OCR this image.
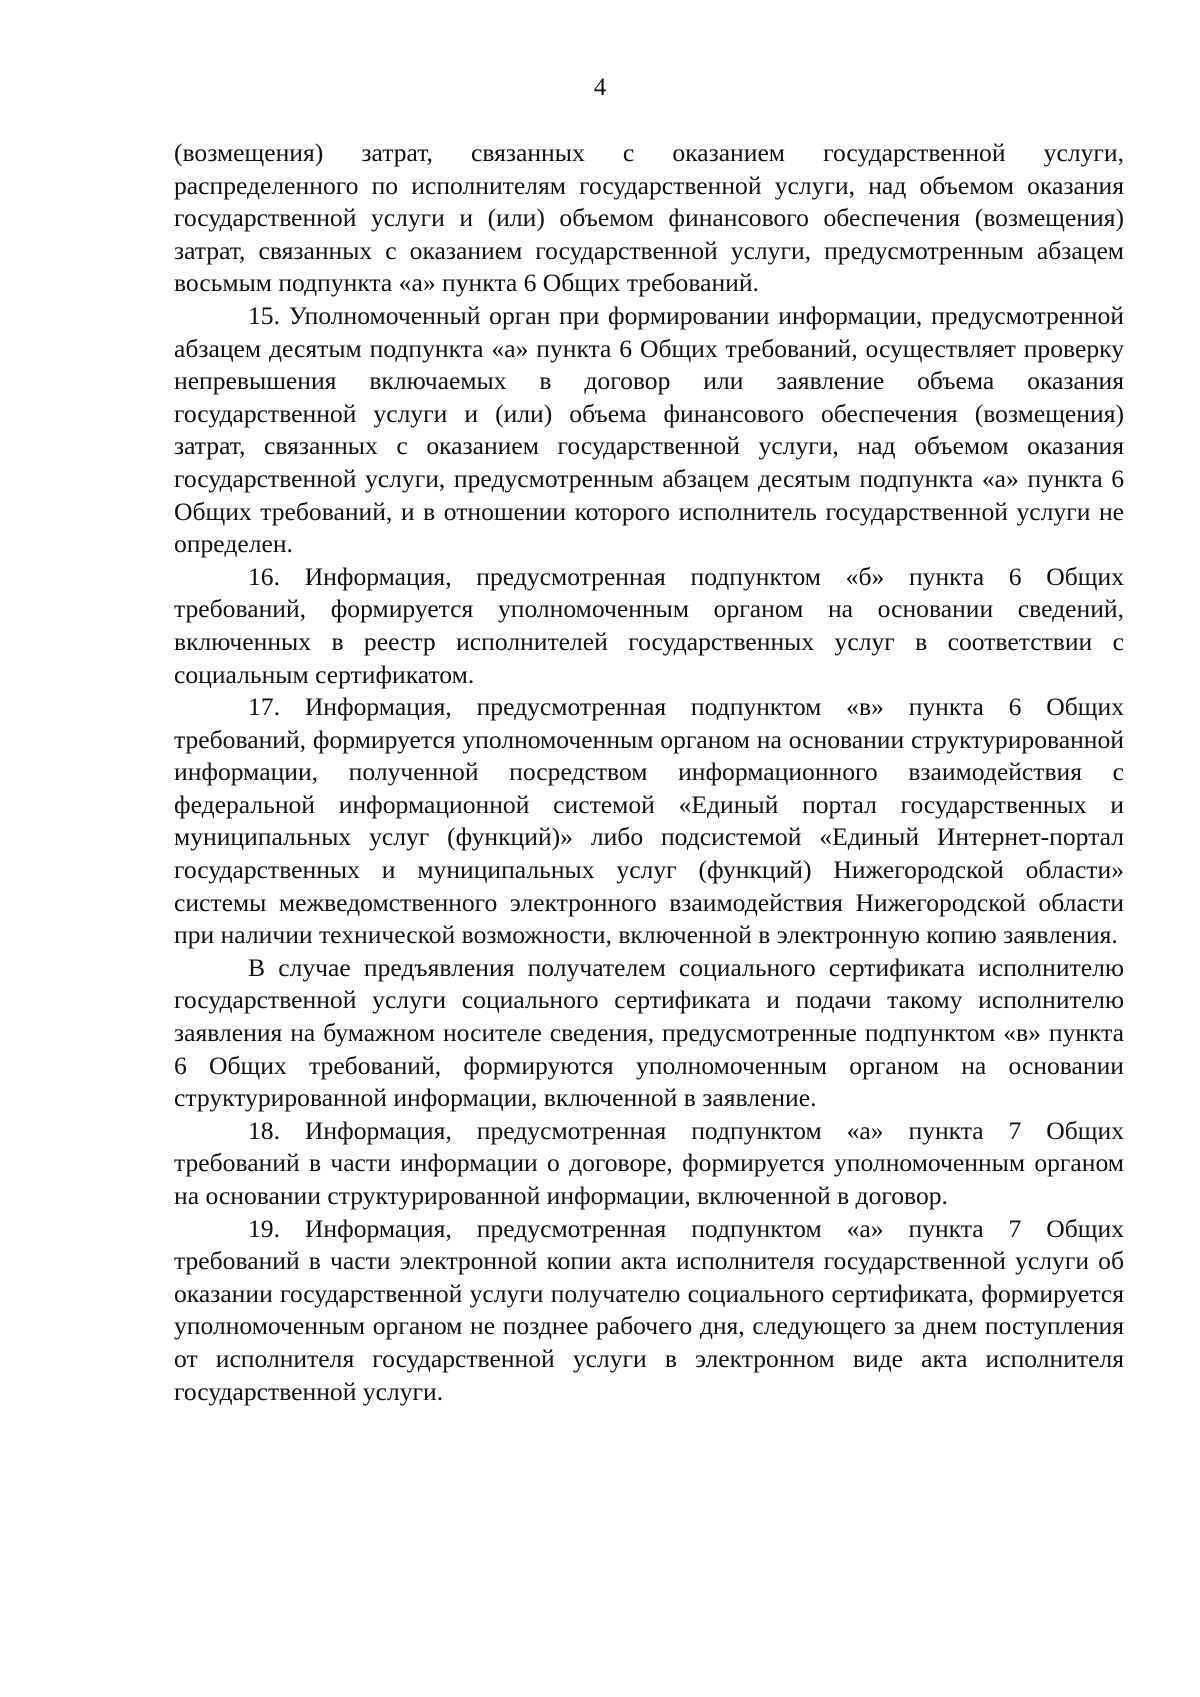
4

(возмещения) затрат, связанных с оказанием государственной услуги, распределенного по исполнителям государственной услуги, над объемом оказания государственной услуги и (или) объемом финансового обеспечения (возмещения) затрат, связанных с оказанием государственной услуги, предусмотренным абзацем восьмым подпункта «а» пункта 6 Общих требований.

15. Уполномоченный орган при формировании информации, предусмотренной абзацем десятым подпункта «а» пункта 6 Общих требований, осуществляет проверку непревышения включаемых в договор или заявление объема оказания государственной услуги и (или) объема финансового обеспечения (возмещения) затрат, связанных с оказанием государственной услуги, над объемом оказания государственной услуги, предусмотренным абзацем десятым подпункта «а» пункта 6 Общих требований, и в отношении которого исполнитель государственной услуги не определен.

16. Информация, предусмотренная подпунктом «б» пункта 6 Общих требований, формируется уполномоченным органом на основании сведений, включенных в реестр исполнителей государственных услуг в соответствии с социальным сертификатом.

17. Информация, предусмотренная подпунктом «в» пункта 6 Общих требований, формируется уполномоченным органом на основании структурированной информации, полученной посредством информационного взаимодействия с федеральной информационной системой «Единый портал государственных и муниципальных услуг (функций)» либо подсистемой «Единый Интернет-портал государственных и муниципальных услуг (функций) Нижегородской области» системы межведомственного электронного взаимодействия Нижегородской области при наличии технической возможности, включенной в электронную копию заявления.

В случае предъявления получателем социального сертификата исполнителю государственной услуги социального сертификата и подачи такому исполнителю заявления на бумажном носителе сведения, предусмотренные подпунктом «в» пункта 6 Общих требований, формируются уполномоченным органом на основании структурированной информации, включенной в заявление.

18. Информация, предусмотренная подпунктом «а» пункта 7 Общих требований в части информации о договоре, формируется уполномоченным органом на основании структурированной информации, включенной в договор.

19. Информация, предусмотренная подпунктом «а» пункта 7 Общих требований в части электронной копии акта исполнителя государственной услуги об оказании государственной услуги получателю социального сертификата, формируется уполномоченным органом не позднее рабочего дня, следующего за днем поступления от исполнителя государственной услуги в электронном виде акта исполнителя государственной услуги.
